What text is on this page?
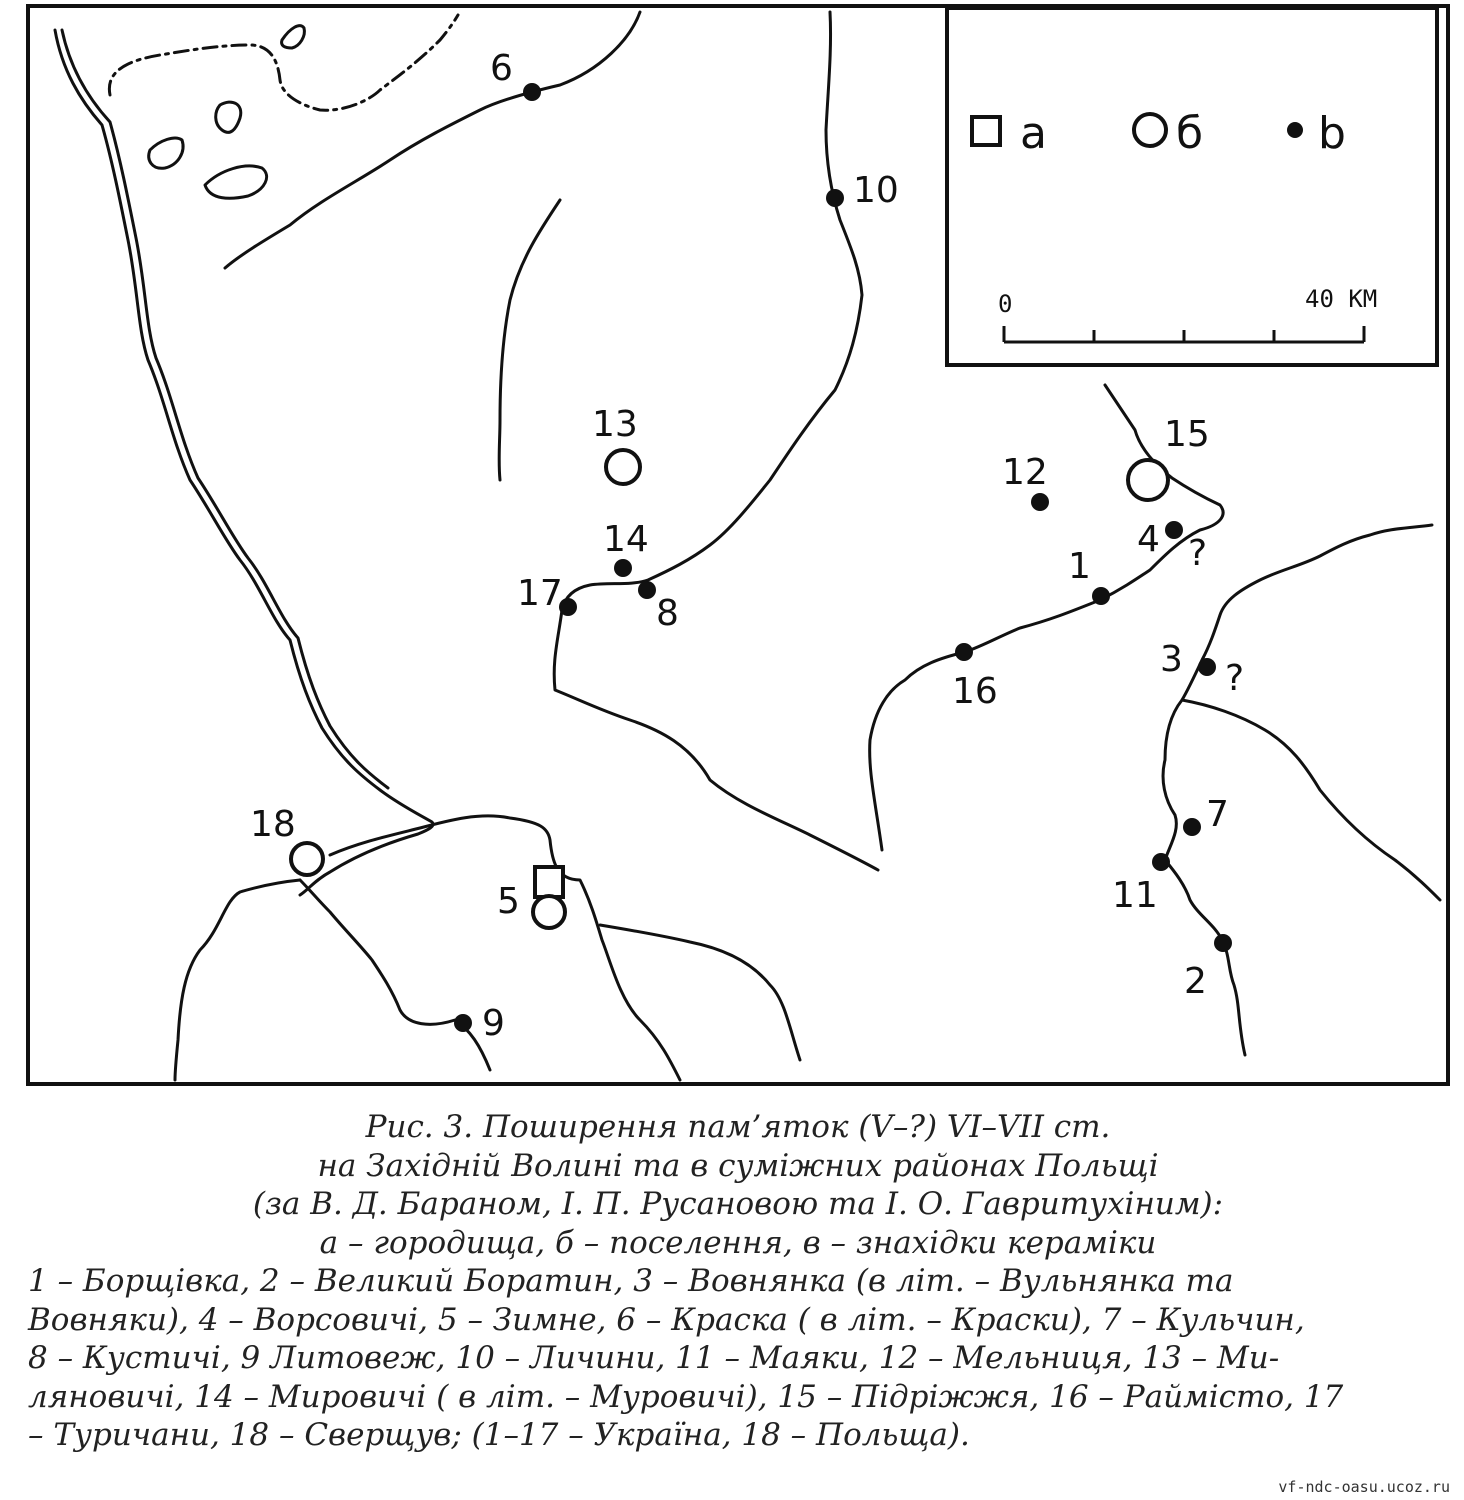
a	б	b
0	40 KM
6
10
13
14
8
17
15
12
4 ?
1
16
3 ?
7
11
2
9
18
5
Рис. 3. Поширення пам’яток (V–?) VI–VII ст.
на Західній Волині та в суміжних районах Польщі
(за В. Д. Бараном, І. П. Русановою та І. О. Гавритухіним):
а – городища, б – поселення, в – знахідки кераміки
1 – Борщівка, 2 – Великий Боратин, 3 – Вовнянка (в літ. – Вульнянка та
Вовняки), 4 – Ворсовичі, 5 – Зимне, 6 – Краска ( в літ. – Краски), 7 – Кульчин,
8 – Кустичі, 9 Литовеж, 10 – Личини, 11 – Маяки, 12 – Мельниця, 13 – Ми-
ляновичі, 14 – Мировичі ( в літ. – Муровичі), 15 – Підріжжя, 16 – Раймісто, 17
– Туричани, 18 – Сверщув; (1–17 – Україна, 18 – Польща).
vf-ndc-oasu.ucoz.ru
